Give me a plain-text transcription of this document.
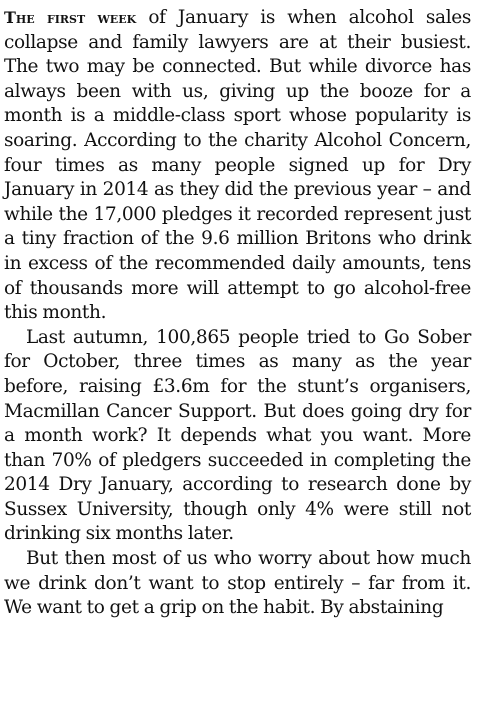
The first week of January is when alcohol sales collapse and family lawyers are at their busiest. The two may be connected. But while divorce has always been with us, giving up the booze for a month is a middle-class sport whose popularity is soaring. According to the charity Alcohol Concern, four times as many people signed up for Dry January in 2014 as they did the previous year – and while the 17,000 pledges it recorded represent just a tiny fraction of the 9.6 million Britons who drink in excess of the recommended daily amounts, tens of thousands more will attempt to go alcohol-free this month.

Last autumn, 100,865 people tried to Go Sober for October, three times as many as the year before, raising £3.6m for the stunt’s organisers, Macmillan Cancer Support. But does going dry for a month work? It depends what you want. More than 70% of pledgers succeeded in completing the 2014 Dry January, according to research done by Sussex University, though only 4% were still not drinking six months later.

But then most of us who worry about how much we drink don’t want to stop entirely – far from it. We want to get a grip on the habit. By abstaining
